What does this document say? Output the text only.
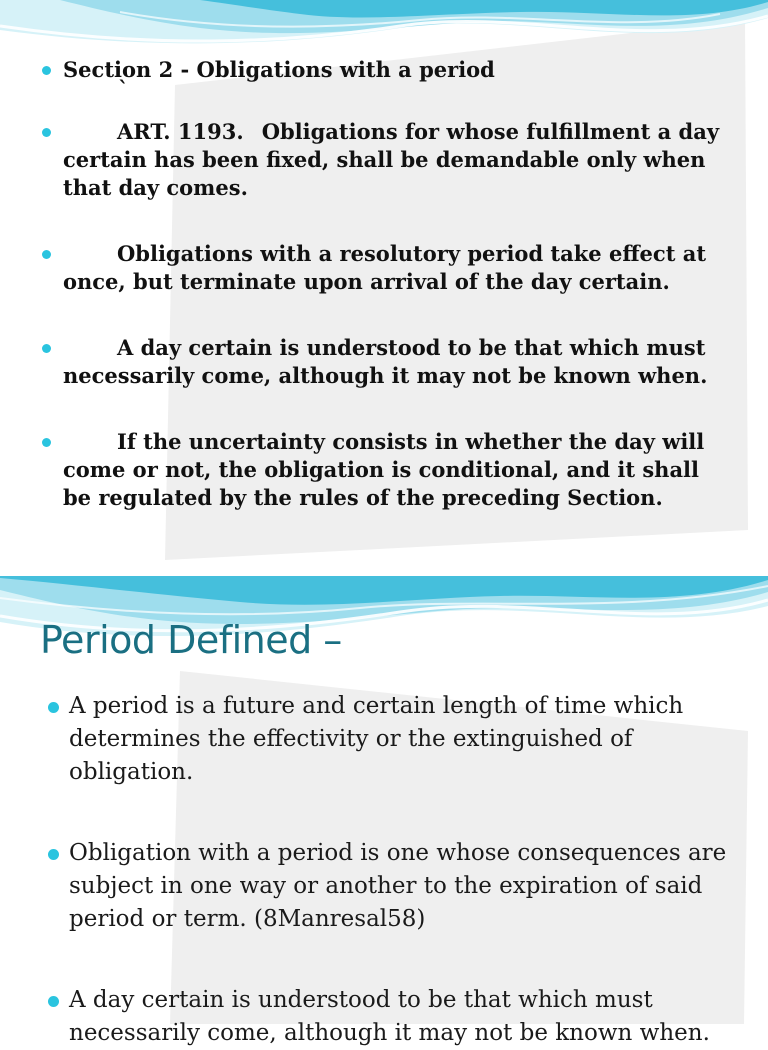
Section 2 - Obligations with a period
`
ART. 1193. Obligations for whose fulfillment a day certain has been fixed, shall be demandable only when that day comes.
Obligations with a resolutory period take effect at once, but terminate upon arrival of the day certain.
A day certain is understood to be that which must necessarily come, although it may not be known when.
If the uncertainty consists in whether the day will come or not, the obligation is conditional, and it shall be regulated by the rules of the preceding Section.
Period Defined –
A period is a future and certain length of time which determines the effectivity or the extinguished of obligation.
Obligation with a period is one whose consequences are subject in one way or another to the expiration of said period or term. (8Manresal58)
A day certain is understood to be that which must necessarily come, although it may not be known when.
